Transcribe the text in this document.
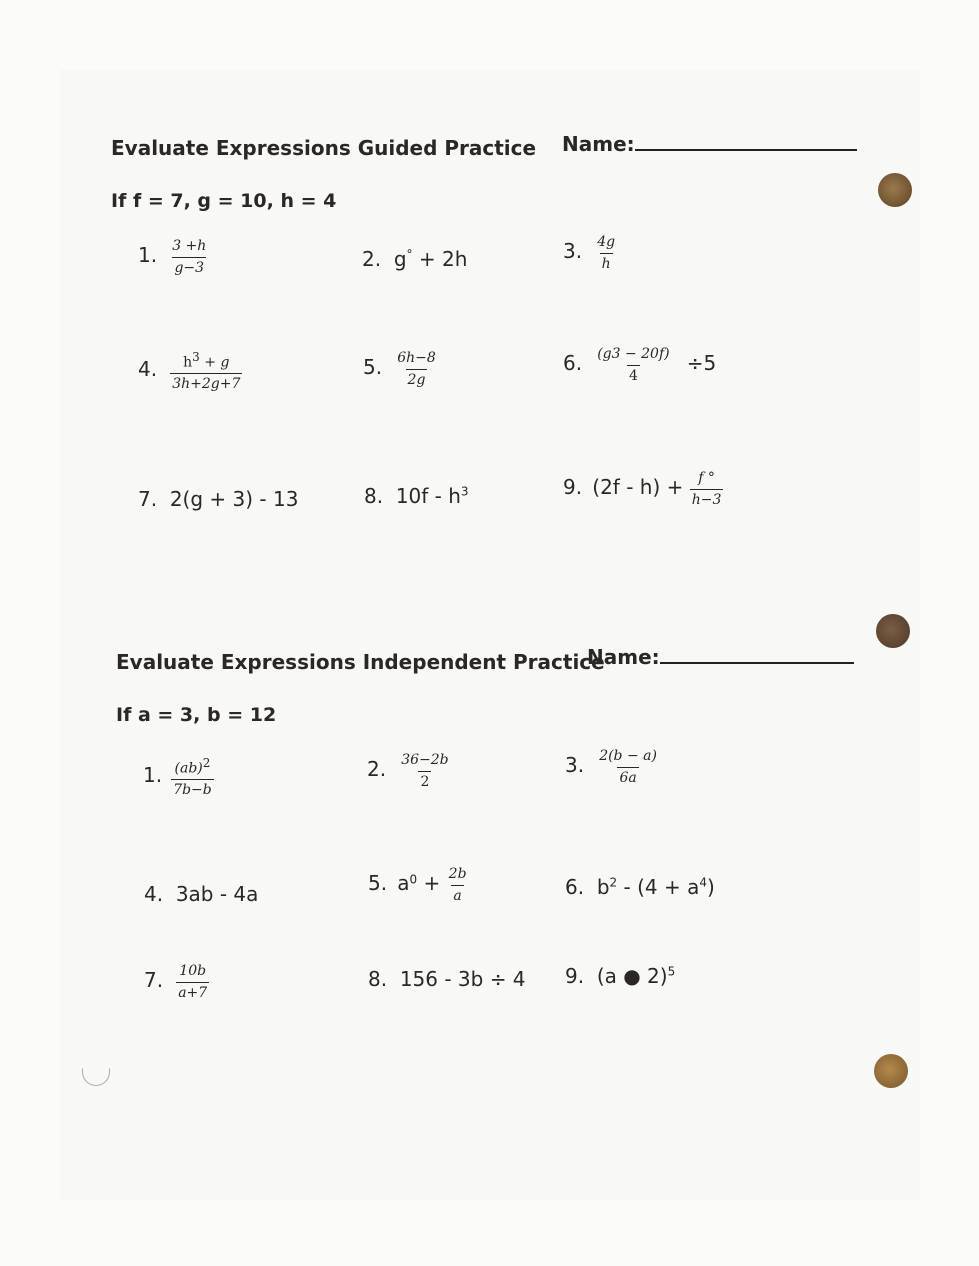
Evaluate Expressions Guided Practice Name:
If f = 7, g = 10, h = 4
1. $\frac{3 +h}{g-3}$	2. g° + 2h	3. $\frac{4g}{h}$
4. $\frac{h^3 + g}{3h+2g+7}$	5. $\frac{6h-8}{2g}$	6. $\frac{(g3 - 20f)}{4} \div 5$
7. 2(g + 3) - 13	8. $10f - h^3$	9. $(2f - h) + \frac{f ^\circ}{h-3}$
Evaluate Expressions Independent Practice
Name:
If a = 3, b = 12
1. $\frac{(ab)^2}{7b-b}$	2. $\frac{36-2b}{2}$	3. $\frac{2(b - a)}{6a}$
4. 3ab - 4a	5. $a^0 + \frac{2b}{a}$	6. $b^2 - (4 + a^4)$
7. $\frac{10b}{a+7}$	8. 156 - 3b ÷ 4 9. (a ● 2)$^5$
